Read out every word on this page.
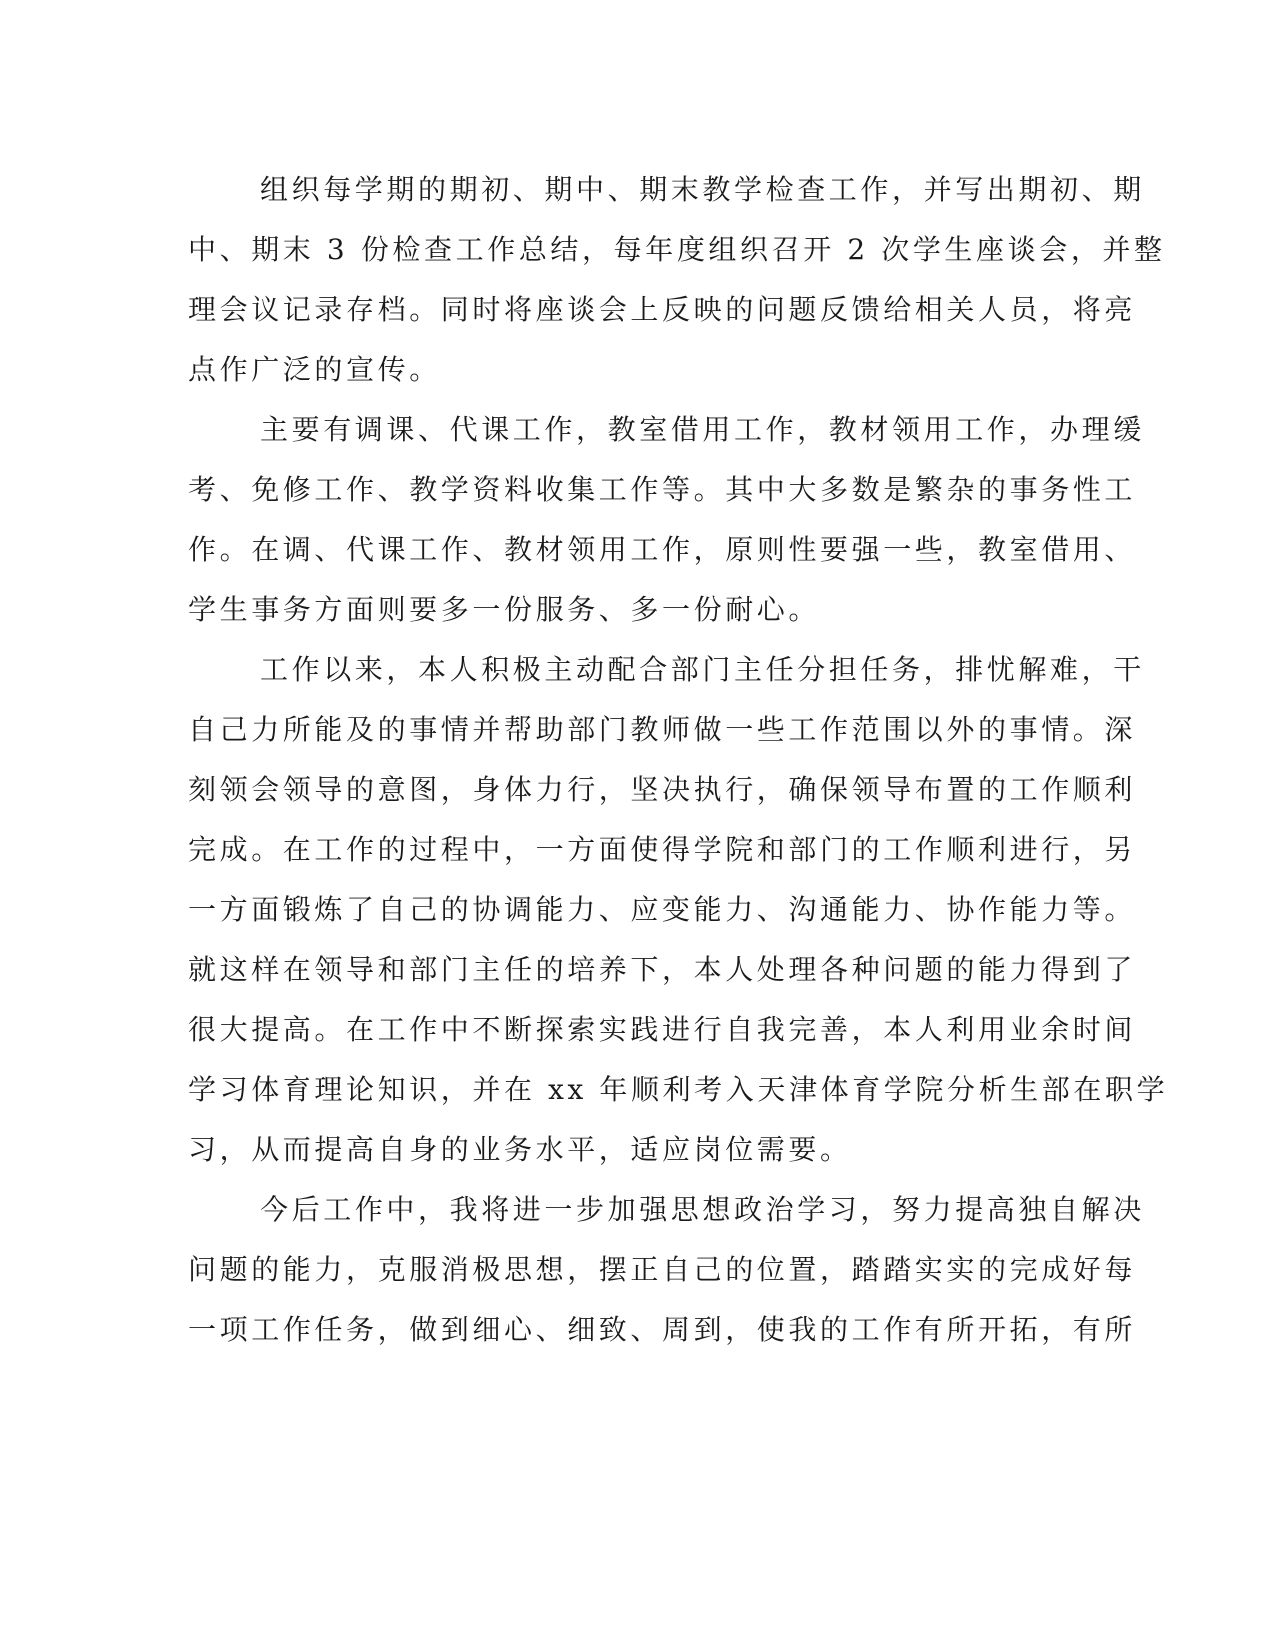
组织每学期的期初、期中、期末教学检查工作，并写出期初、期
中、期末 3 份检查工作总结，每年度组织召开 2 次学生座谈会，并整
理会议记录存档。同时将座谈会上反映的问题反馈给相关人员，将亮
点作广泛的宣传。
主要有调课、代课工作，教室借用工作，教材领用工作，办理缓
考、免修工作、教学资料收集工作等。其中大多数是繁杂的事务性工
作。在调、代课工作、教材领用工作，原则性要强一些，教室借用、
学生事务方面则要多一份服务、多一份耐心。
工作以来，本人积极主动配合部门主任分担任务，排忧解难，干
自己力所能及的事情并帮助部门教师做一些工作范围以外的事情。深
刻领会领导的意图，身体力行，坚决执行，确保领导布置的工作顺利
完成。在工作的过程中，一方面使得学院和部门的工作顺利进行，另
一方面锻炼了自己的协调能力、应变能力、沟通能力、协作能力等。
就这样在领导和部门主任的培养下，本人处理各种问题的能力得到了
很大提高。在工作中不断探索实践进行自我完善，本人利用业余时间
学习体育理论知识，并在 xx 年顺利考入天津体育学院分析生部在职学
习，从而提高自身的业务水平，适应岗位需要。
今后工作中，我将进一步加强思想政治学习，努力提高独自解决
问题的能力，克服消极思想，摆正自己的位置，踏踏实实的完成好每
一项工作任务，做到细心、细致、周到，使我的工作有所开拓，有所
